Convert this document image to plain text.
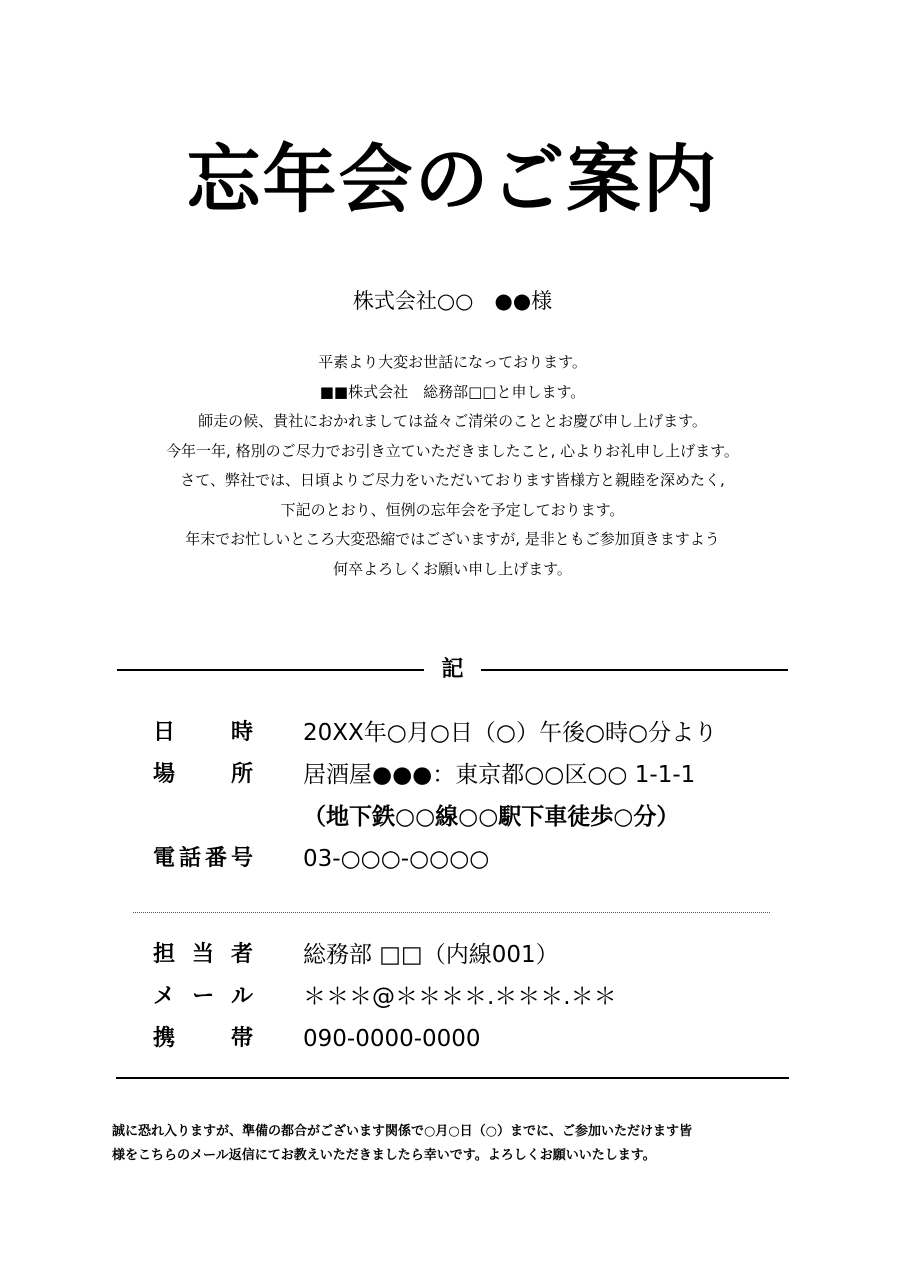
忘年会のご案内
株式会社○○　●●様
平素より大変お世話になっております。
■■株式会社　総務部□□と申します。
師走の候、貴社におかれましては益々ご清栄のこととお慶び申し上げます。
今年一年, 格別のご尽力でお引き立ていただきましたこと, 心よりお礼申し上げます。
さて、弊社では、日頃よりご尽力をいただいております皆様方と親睦を深めたく,
下記のとおり、恒例の忘年会を予定しております。
年末でお忙しいところ大変恐縮ではございますが, 是非ともご参加頂きますよう
何卒よろしくお願い申し上げます。
記
日時 20XX年○月○日（○）午後○時○分より
場所 居酒屋●●●：東京都○○区○○ 1-1-1
（地下鉄○○線○○駅下車徒歩○分）
電話番号 03-○○○-○○○○
担当者 総務部 □□（内線001）
メール ＊＊＊@＊＊＊＊.＊＊＊.＊＊
携帯 090-0000-0000
誠に恐れ入りますが、準備の都合がございます関係で○月○日（○）までに、ご参加いただけます皆
様をこちらのメール返信にてお教えいただきましたら幸いです。よろしくお願いいたします。
